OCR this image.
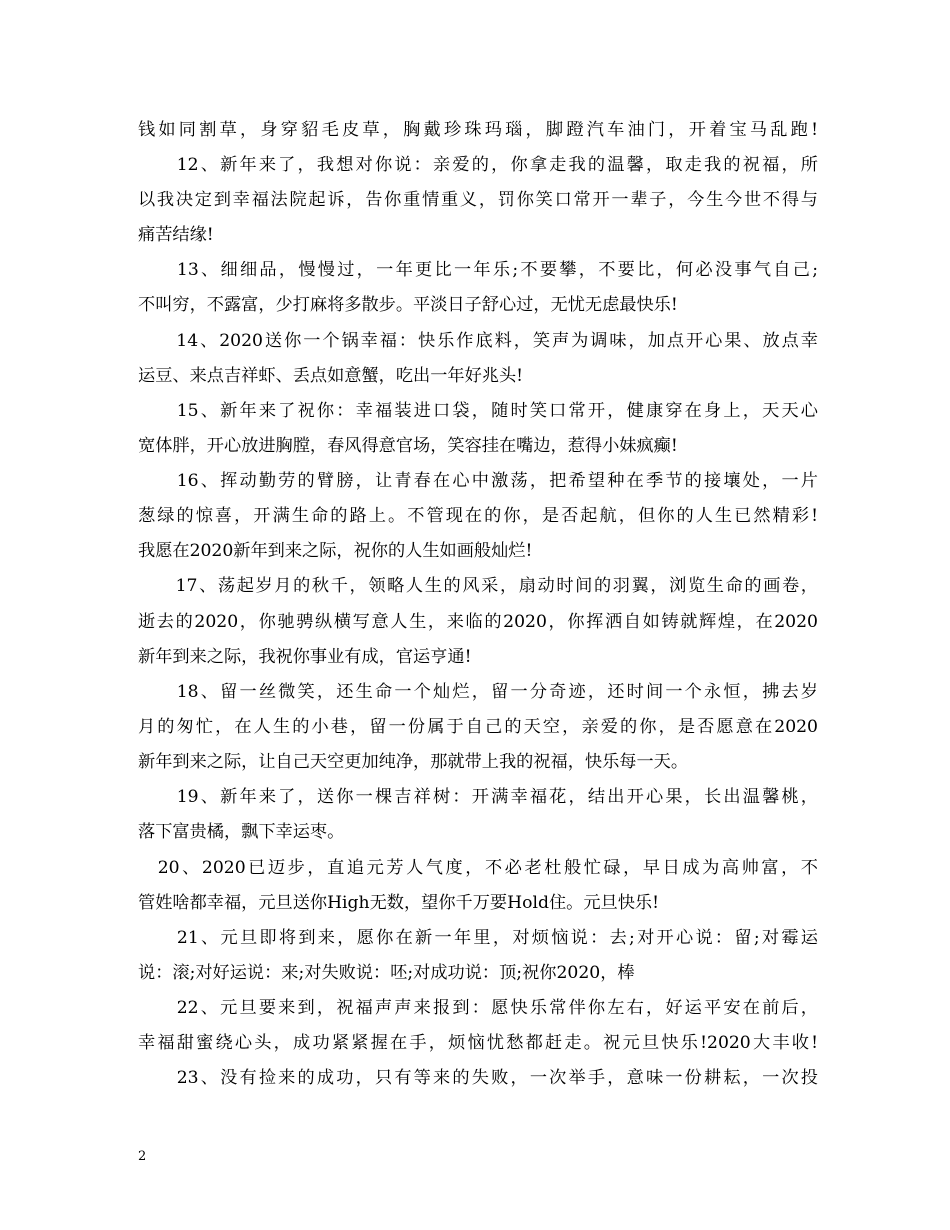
钱如同割草，身穿貂毛皮草，胸戴珍珠玛瑙，脚蹬汽车油门，开着宝马乱跑!
　　12、新年来了，我想对你说：亲爱的，你拿走我的温馨，取走我的祝福，所
以我决定到幸福法院起诉，告你重情重义，罚你笑口常开一辈子，今生今世不得与
痛苦结缘!
　　13、细细品，慢慢过，一年更比一年乐;不要攀，不要比，何必没事气自己;
不叫穷，不露富，少打麻将多散步。平淡日子舒心过，无忧无虑最快乐!
　　14、2020送你一个锅幸福：快乐作底料，笑声为调味，加点开心果、放点幸
运豆、来点吉祥虾、丢点如意蟹，吃出一年好兆头!
　　15、新年来了祝你：幸福装进口袋，随时笑口常开，健康穿在身上，天天心
宽体胖，开心放进胸膛，春风得意官场，笑容挂在嘴边，惹得小妹疯癫!
　　16、挥动勤劳的臂膀，让青春在心中激荡，把希望种在季节的接壤处，一片
葱绿的惊喜，开满生命的路上。不管现在的你，是否起航，但你的人生已然精彩!
我愿在2020新年到来之际，祝你的人生如画般灿烂!
　　17、荡起岁月的秋千，领略人生的风采，扇动时间的羽翼，浏览生命的画卷，
逝去的2020，你驰骋纵横写意人生，来临的2020，你挥洒自如铸就辉煌，在2020
新年到来之际，我祝你事业有成，官运亨通!
　　18、留一丝微笑，还生命一个灿烂，留一分奇迹，还时间一个永恒，拂去岁
月的匆忙，在人生的小巷，留一份属于自己的天空，亲爱的你，是否愿意在2020
新年到来之际，让自己天空更加纯净，那就带上我的祝福，快乐每一天。
　　19、新年来了，送你一棵吉祥树：开满幸福花，结出开心果，长出温馨桃，
落下富贵橘，飘下幸运枣。
　20、2020已迈步，直追元芳人气度，不必老杜般忙碌，早日成为高帅富，不
管姓啥都幸福，元旦送你High无数，望你千万要Hold住。元旦快乐!
　　21、元旦即将到来，愿你在新一年里，对烦恼说：去;对开心说：留;对霉运
说：滚;对好运说：来;对失败说：呸;对成功说：顶;祝你2020，棒
　　22、元旦要来到，祝福声声来报到：愿快乐常伴你左右，好运平安在前后，
幸福甜蜜绕心头，成功紧紧握在手，烦恼忧愁都赶走。祝元旦快乐!2020大丰收!
　　23、没有捡来的成功，只有等来的失败，一次举手，意味一份耕耘，一次投
2
